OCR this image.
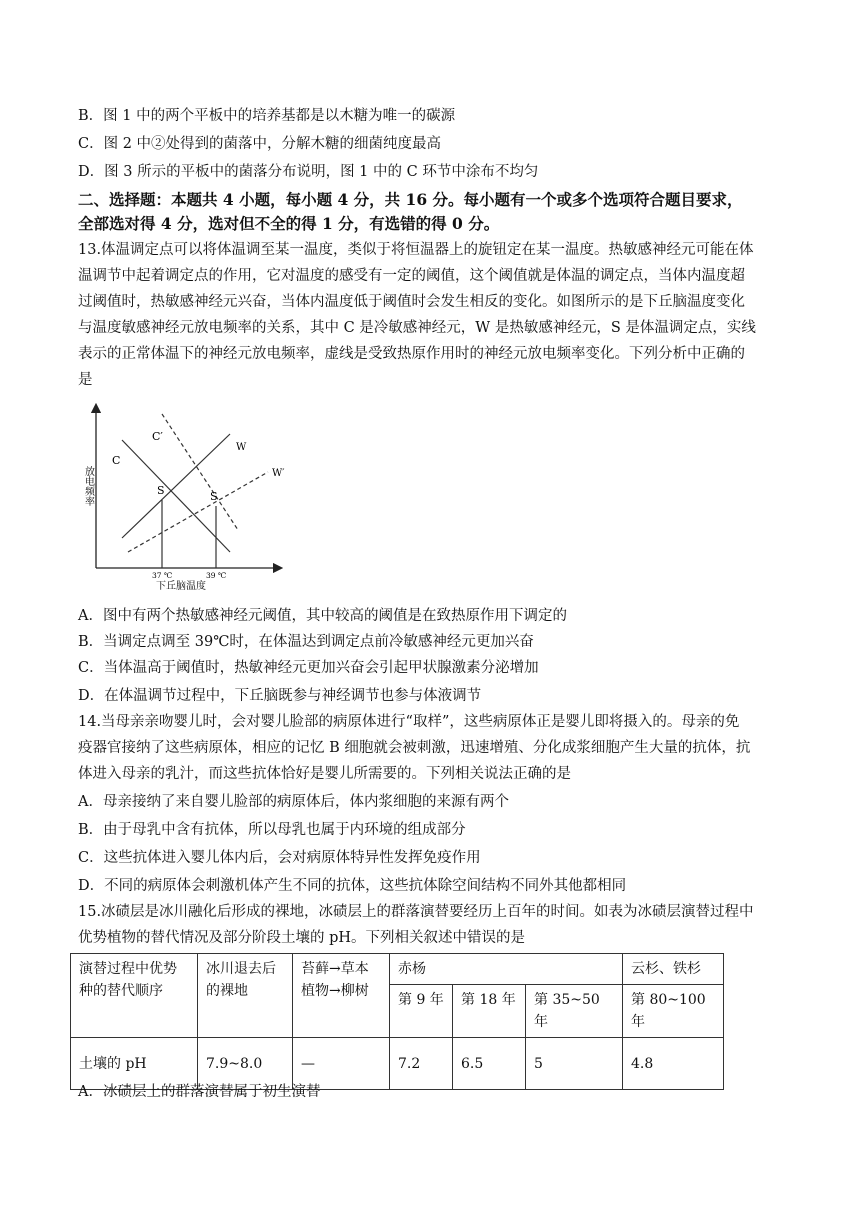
B．图 1 中的两个平板中的培养基都是以木糖为唯一的碳源
C．图 2 中②处得到的菌落中，分解木糖的细菌纯度最高
D．图 3 所示的平板中的菌落分布说明，图 1 中的 C 环节中涂布不均匀
二、选择题：本题共 4 小题，每小题 4 分，共 16 分。每小题有一个或多个选项符合题目要求，
全部选对得 4 分，选对但不全的得 1 分，有选错的得 0 分。
13.体温调定点可以将体温调至某一温度，类似于将恒温器上的旋钮定在某一温度。热敏感神经元可能在体
温调节中起着调定点的作用，它对温度的感受有一定的阈值，这个阈值就是体温的调定点，当体内温度超
过阈值时，热敏感神经元兴奋，当体内温度低于阈值时会发生相反的变化。如图所示的是下丘脑温度变化
与温度敏感神经元放电频率的关系，其中 C 是冷敏感神经元，W 是热敏感神经元，S 是体温调定点，实线
表示的正常体温下的神经元放电频率，虚线是受致热原作用时的神经元放电频率变化。下列分析中正确的
是
C′
C
W
W′
S	S
37 ℃	39 ℃
下丘脑温度
放电频率
A．图中有两个热敏感神经元阈值，其中较高的阈值是在致热原作用下调定的
B．当调定点调至 39℃时，在体温达到调定点前冷敏感神经元更加兴奋
C．当体温高于阈值时，热敏神经元更加兴奋会引起甲状腺激素分泌增加
D．在体温调节过程中，下丘脑既参与神经调节也参与体液调节
14.当母亲亲吻婴儿时，会对婴儿脸部的病原体进行“取样”，这些病原体正是婴儿即将摄入的。母亲的免
疫器官接纳了这些病原体，相应的记忆 B 细胞就会被刺激，迅速增殖、分化成浆细胞产生大量的抗体，抗
体进入母亲的乳汁，而这些抗体恰好是婴儿所需要的。下列相关说法正确的是
A．母亲接纳了来自婴儿脸部的病原体后，体内浆细胞的来源有两个
B．由于母乳中含有抗体，所以母乳也属于内环境的组成部分
C．这些抗体进入婴儿体内后，会对病原体特异性发挥免疫作用
D．不同的病原体会刺激机体产生不同的抗体，这些抗体除空间结构不同外其他都相同
15.冰碛层是冰川融化后形成的裸地，冰碛层上的群落演替要经历上百年的时间。如表为冰碛层演替过程中
优势植物的替代情况及部分阶段土壤的 pH。下列相关叙述中错误的是
演替过程中优势种的替代顺序	冰川退去后的裸地	苔藓→草本植物→柳树	赤杨			云杉、铁杉
			第 9 年	第 18 年	第 35~50 年	第 80~100 年
土壤的 pH	7.9~8.0	—	7.2	6.5	5	4.8
A．冰碛层上的群落演替属于初生演替
